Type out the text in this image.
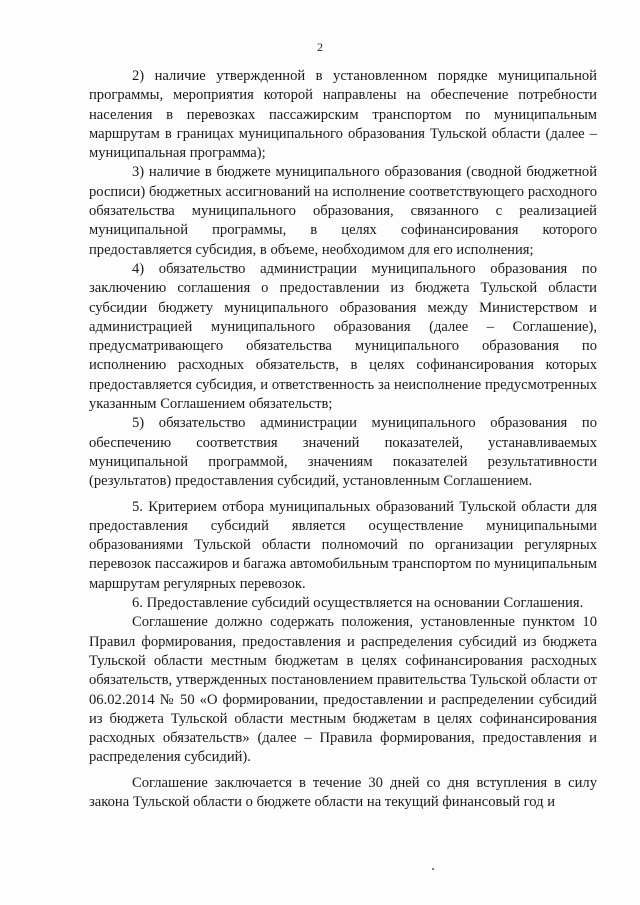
2

2) наличие утвержденной в установленном порядке муниципальной программы, мероприятия которой направлены на обеспечение потребности населения в перевозках пассажирским транспортом по муниципальным маршрутам в границах муниципального образования Тульской области (далее – муниципальная программа);

3) наличие в бюджете муниципального образования (сводной бюджетной росписи) бюджетных ассигнований на исполнение соответствующего расходного обязательства муниципального образования, связанного с реализацией муниципальной программы, в целях софинансирования которого предоставляется субсидия, в объеме, необходимом для его исполнения;

4) обязательство администрации муниципального образования по заключению соглашения о предоставлении из бюджета Тульской области субсидии бюджету муниципального образования между Министерством и администрацией муниципального образования (далее – Соглашение), предусматривающего обязательства муниципального образования по исполнению расходных обязательств, в целях софинансирования которых предоставляется субсидия, и ответственность за неисполнение предусмотренных указанным Соглашением обязательств;

5) обязательство администрации муниципального образования по обеспечению соответствия значений показателей, устанавливаемых муниципальной программой, значениям показателей результативности (результатов) предоставления субсидий, установленным Соглашением.

5. Критерием отбора муниципальных образований Тульской области для предоставления субсидий является осуществление муниципальными образованиями Тульской области полномочий по организации регулярных перевозок пассажиров и багажа автомобильным транспортом по муниципальным маршрутам регулярных перевозок.

6. Предоставление субсидий осуществляется на основании Соглашения.

Соглашение должно содержать положения, установленные пунктом 10 Правил формирования, предоставления и распределения субсидий из бюджета Тульской области местным бюджетам в целях софинансирования расходных обязательств, утвержденных постановлением правительства Тульской области от 06.02.2014 № 50 «О формировании, предоставлении и распределении субсидий из бюджета Тульской области местным бюджетам в целях софинансирования расходных обязательств» (далее – Правила формирования, предоставления и распределения субсидий).

Соглашение заключается в течение 30 дней со дня вступления в силу закона Тульской области о бюджете области на текущий финансовый год и
